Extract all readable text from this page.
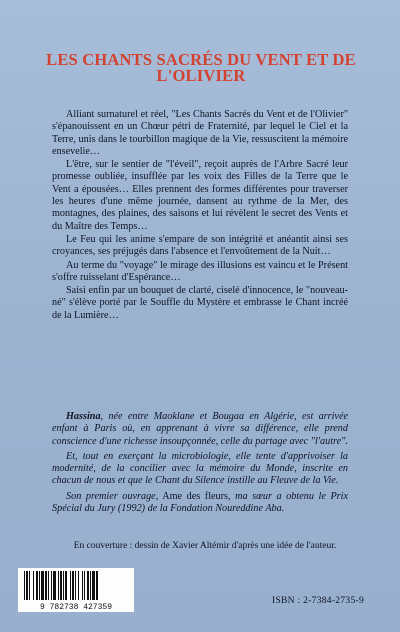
LES CHANTS SACRÉS DU VENT ET DE L'OLIVIER

Alliant surnaturel et réel, "Les Chants Sacrés du Vent et de l'Olivier" s'épanouissent en un Chœur pétri de Fraternité, par lequel le Ciel et la Terre, unis dans le tourbillon magique de la Vie, ressuscitent la mémoire ensevelie…

L'être, sur le sentier de "l'éveil", reçoit auprès de l'Arbre Sacré leur promesse oubliée, insufflée par les voix des Filles de la Terre que le Vent a épousées… Elles prennent des formes différentes pour traverser les heures d'une même journée, dansent au rythme de la Mer, des montagnes, des plaines, des saisons et lui révèlent le secret des Vents et du Maître des Temps…

Le Feu qui les anime s'empare de son intégrité et anéantit ainsi ses croyances, ses préjugés dans l'absence et l'envoûtement de la Nuit…

Au terme du "voyage" le mirage des illusions est vaincu et le Présent s'offre ruisselant d'Espérance…

Saisi enfin par un bouquet de clarté, ciselé d'innocence, le "nouveau-né" s'élève porté par le Souffle du Mystère et embrasse le Chant incréé de la Lumière…

Hassina, née entre Maoklane et Bougaa en Algérie, est arrivée enfant à Paris où, en apprenant à vivre sa différence, elle prend conscience d'une richesse insoupçonnée, celle du partage avec "l'autre".

Et, tout en exerçant la microbiologie, elle tente d'apprivoiser la modernité, de la concilier avec la mémoire du Monde, inscrite en chacun de nous et que le Chant du Silence instille au Fleuve de la Vie.

Son premier ouvrage, Ame des fleurs, ma sœur a obtenu le Prix Spécial du Jury (1992) de la Fondation Noureddine Aba.

En couverture : dessin de Xavier Altémir d'après une idée de l'auteur.
9 782738 427359
ISBN : 2-7384-2735-9
